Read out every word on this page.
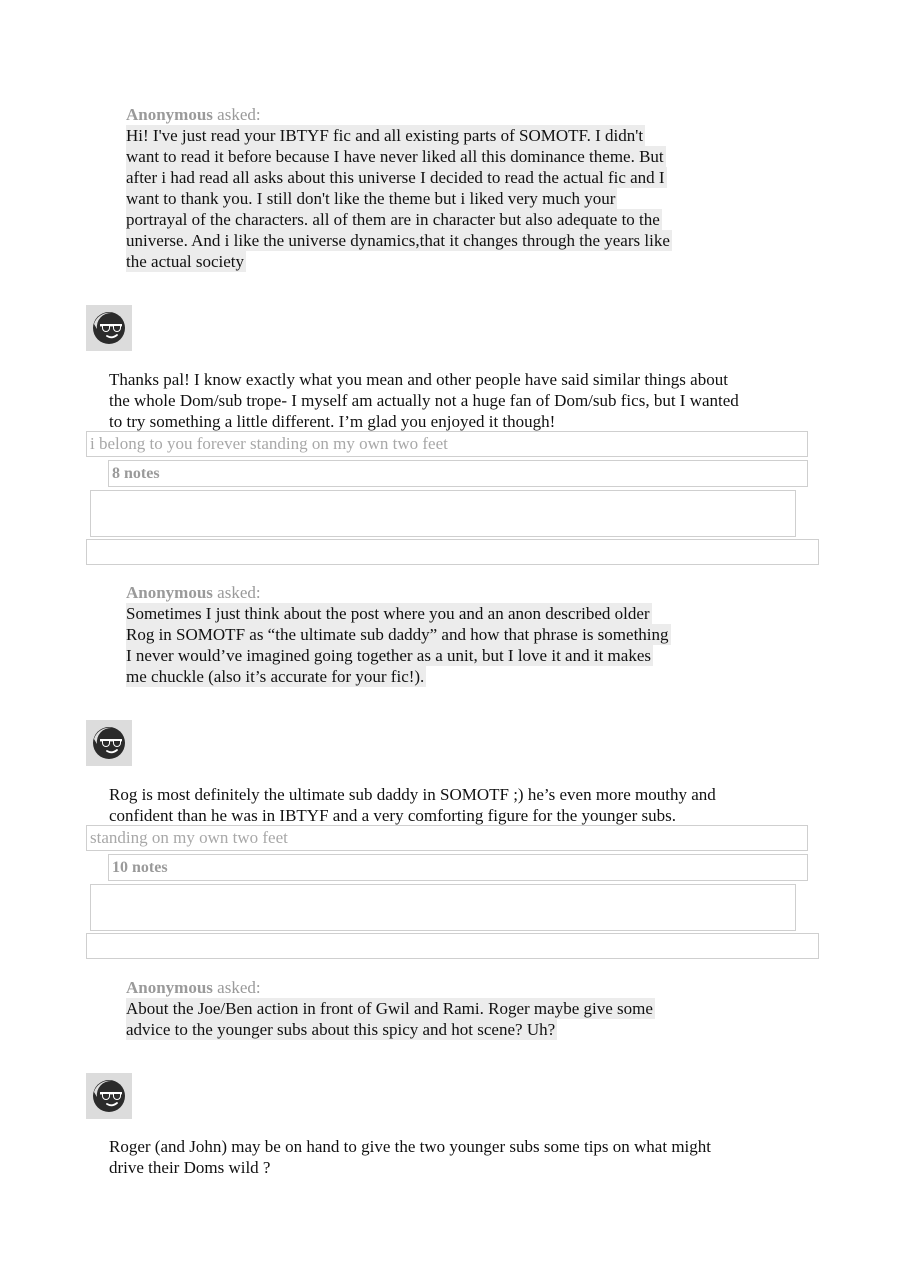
Anonymous asked:
Hi! I've just read your IBTYF fic and all existing parts of SOMOTF. I didn't
want to read it before because I have never liked all this dominance theme. But
after i had read all asks about this universe I decided to read the actual fic and I
want to thank you. I still don't like the theme but i liked very much your
portrayal of the characters. all of them are in character but also adequate to the
universe. And i like the universe dynamics,that it changes through the years like
the actual society
Thanks pal! I know exactly what you mean and other people have said similar things about
the whole Dom/sub trope- I myself am actually not a huge fan of Dom/sub fics, but I wanted
to try something a little different. I’m glad you enjoyed it though!
i belong to you forever standing on my own two feet
8 notes
Anonymous asked:
Sometimes I just think about the post where you and an anon described older
Rog in SOMOTF as “the ultimate sub daddy” and how that phrase is something
I never would’ve imagined going together as a unit, but I love it and it makes
me chuckle (also it’s accurate for your fic!).
Rog is most definitely the ultimate sub daddy in SOMOTF ;) he’s even more mouthy and
confident than he was in IBTYF and a very comforting figure for the younger subs.
standing on my own two feet
10 notes
Anonymous asked:
About the Joe/Ben action in front of Gwil and Rami. Roger maybe give some
advice to the younger subs about this spicy and hot scene? Uh?
Roger (and John) may be on hand to give the two younger subs some tips on what might
drive their Doms wild ?
